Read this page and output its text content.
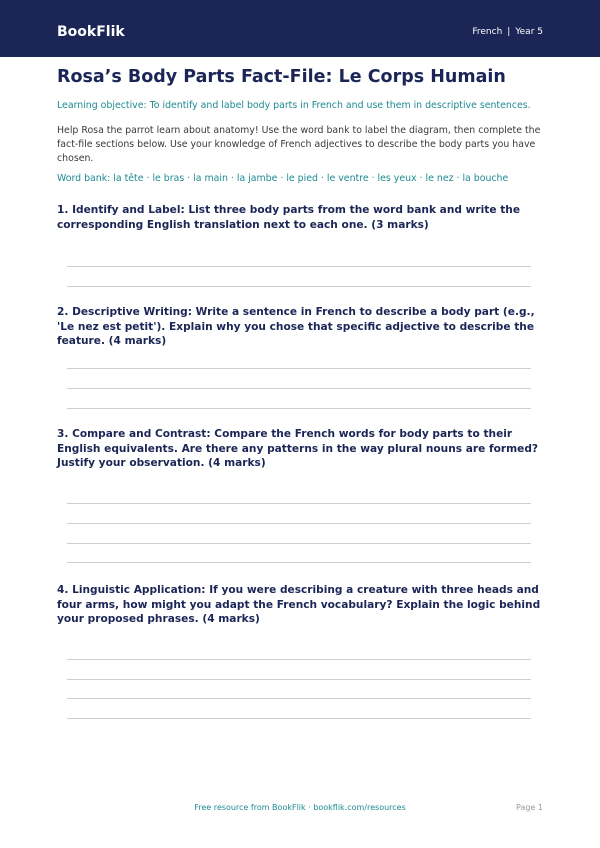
BookFlik	French | Year 5
Rosa’s Body Parts Fact-File: Le Corps Humain
Learning objective: To identify and label body parts in French and use them in descriptive sentences.
Help Rosa the parrot learn about anatomy! Use the word bank to label the diagram, then complete the fact-file sections below. Use your knowledge of French adjectives to describe the body parts you have chosen.
Word bank: la tête · le bras · la main · la jambe · le pied · le ventre · les yeux · le nez · la bouche
1. Identify and Label: List three body parts from the word bank and write the corresponding English translation next to each one. (3 marks)
2. Descriptive Writing: Write a sentence in French to describe a body part (e.g., 'Le nez est petit'). Explain why you chose that specific adjective to describe the feature. (4 marks)
3. Compare and Contrast: Compare the French words for body parts to their English equivalents. Are there any patterns in the way plural nouns are formed? Justify your observation. (4 marks)
4. Linguistic Application: If you were describing a creature with three heads and four arms, how might you adapt the French vocabulary? Explain the logic behind your proposed phrases. (4 marks)
Free resource from BookFlik · bookflik.com/resources	Page 1
